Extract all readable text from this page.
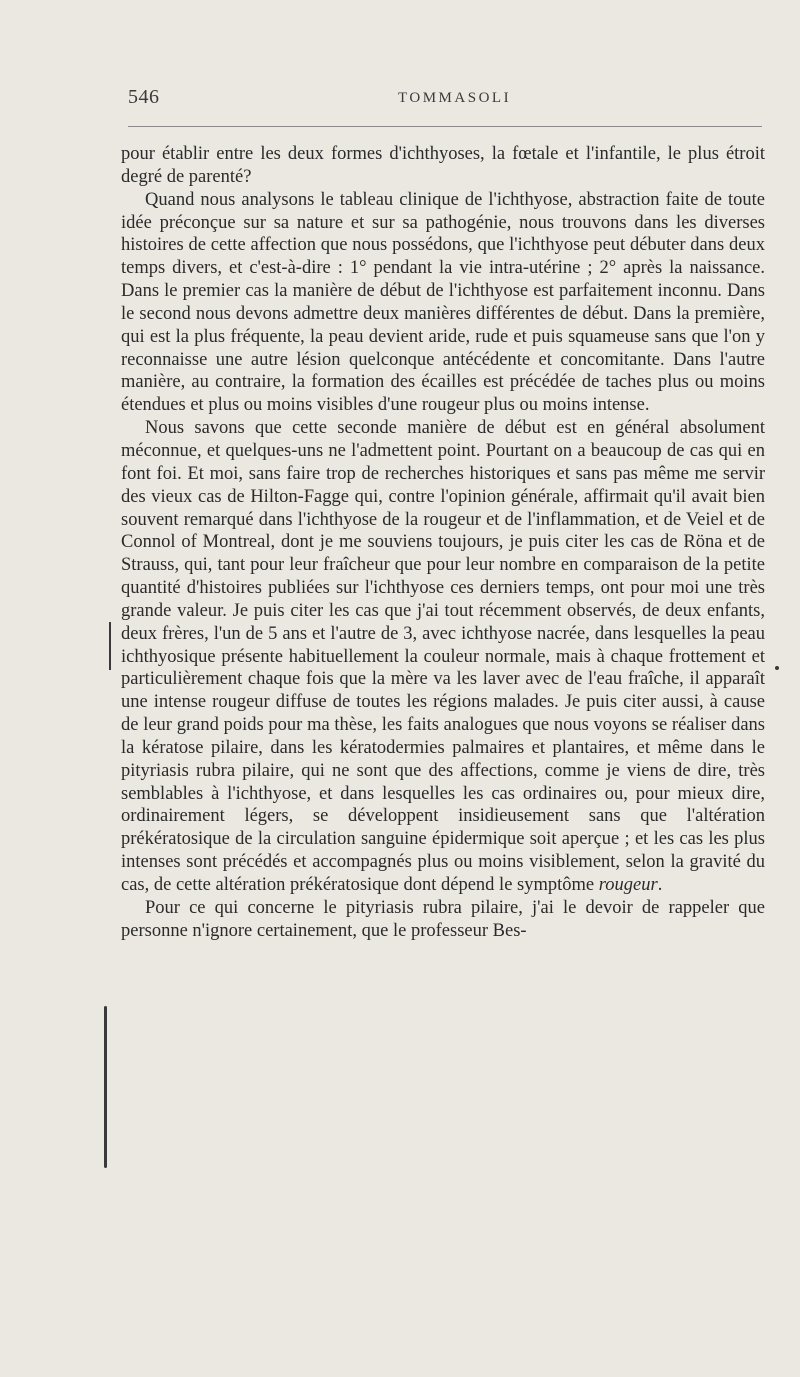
546	TOMMASOLI

pour établir entre les deux formes d'ichthyoses, la fœtale et l'infantile, le plus étroit degré de parenté?

Quand nous analysons le tableau clinique de l'ichthyose, abstraction faite de toute idée préconçue sur sa nature et sur sa pathogénie, nous trouvons dans les diverses histoires de cette affection que nous possédons, que l'ichthyose peut débuter dans deux temps divers, et c'est-à-dire : 1° pendant la vie intra-utérine ; 2° après la naissance. Dans le premier cas la manière de début de l'ichthyose est parfaitement inconnu. Dans le second nous devons admettre deux manières différentes de début. Dans la première, qui est la plus fréquente, la peau devient aride, rude et puis squameuse sans que l'on y reconnaisse une autre lésion quelconque antécédente et concomitante. Dans l'autre manière, au contraire, la formation des écailles est précédée de taches plus ou moins étendues et plus ou moins visibles d'une rougeur plus ou moins intense.

Nous savons que cette seconde manière de début est en général absolument méconnue, et quelques-uns ne l'admettent point. Pourtant on a beaucoup de cas qui en font foi. Et moi, sans faire trop de recherches historiques et sans pas même me servir des vieux cas de Hilton-Fagge qui, contre l'opinion générale, affirmait qu'il avait bien souvent remarqué dans l'ichthyose de la rougeur et de l'inflammation, et de Veiel et de Connol of Montreal, dont je me souviens toujours, je puis citer les cas de Röna et de Strauss, qui, tant pour leur fraîcheur que pour leur nombre en comparaison de la petite quantité d'histoires publiées sur l'ichthyose ces derniers temps, ont pour moi une très grande valeur. Je puis citer les cas que j'ai tout récemment observés, de deux enfants, deux frères, l'un de 5 ans et l'autre de 3, avec ichthyose nacrée, dans lesquelles la peau ichthyosique présente habituellement la couleur normale, mais à chaque frottement et particulièrement chaque fois que la mère va les laver avec de l'eau fraîche, il apparaît une intense rougeur diffuse de toutes les régions malades. Je puis citer aussi, à cause de leur grand poids pour ma thèse, les faits analogues que nous voyons se réaliser dans la kératose pilaire, dans les kératodermies palmaires et plantaires, et même dans le pityriasis rubra pilaire, qui ne sont que des affections, comme je viens de dire, très semblables à l'ichthyose, et dans lesquelles les cas ordinaires ou, pour mieux dire, ordinairement légers, se développent insidieusement sans que l'altération prékératosique de la circulation sanguine épidermique soit aperçue ; et les cas les plus intenses sont précédés et accompagnés plus ou moins visiblement, selon la gravité du cas, de cette altération prékératosique dont dépend le symptôme rougeur.

Pour ce qui concerne le pityriasis rubra pilaire, j'ai le devoir de rappeler que personne n'ignore certainement, que le professeur Bes-
